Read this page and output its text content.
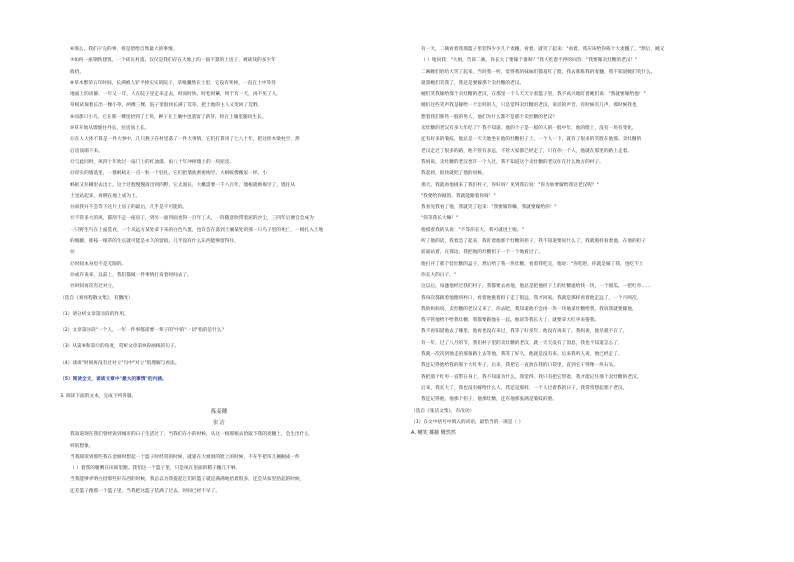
⑥那么，我们干完的事，将是留给自然最大的事情。

⑦如何一座钢铁建筑，一个砖瓦村落，仅仅是我们存在大地上的一间不算的土房子，被砍伐的多少年

收拾。

⑧草木繁荣五年时间，长满被人铲平掉实实的院子。草根骤然在土里，它没有死掉，一直在土中等待

地面上的动静。一年又一年，人在院子里走来走去，时而时快，时松时紧，终于有一天，再不见了人，

草根试探着长出一棵小草，两棵三棵，院子里很快长满了荒草，把土地的主人又变回了荒野。

⑨而那只小鸟，它在那一棵里拾到了土块，种子在土壤中也遗留了新芽，将在土壤里随风生长。

⑩草开始从墙缝往外长，往房顶上长。

⑪在人大体不算是一件大事中，几只燕子在村里落了一件大事情。它们打算用了七八十年，把这样木梁柱空，然

后房顶塌下来。

⑫与此同时，风四十年吹过一扇门上的红油漆，雨八十年冲掉墙上的一块泥皮。

⑬厚实的墙基里，一群蚂蚁正一点一粒一个驻扎，它们把墙底密密掏空，大蚂蚁像搬家一样，小

蚂蚁又住蛾里去出土。这个过程慢慢溢出到四野，它太漫长，大概需要一千八百年，墙根就被掏空了，墙往从

土里站起来，再倒在地上成为土。

⑭而我并不会等下这片土房子的最后，几乎是不可能的。

⑮不管多大的风，都刮不走一座房子，到另一面凹面也得一百年工夫，一阵随意吹带着泥的沙尘，三四年后便自会成为

一只野生鸟在上面觅食，一个从远方某处拿下来的白色鸟蛋，也许会在落到土壤某处的那一只鸟子里的死亡，一根扎入土地

的细藤，那枝一根草的生长就可能是永久的留痕。几乎没有什么东西能够留得住。

⑯

⑰时间本身也不是无限的。

⑱或许说来，以前上，我们都做一件事情打发着时间去了。

⑲时间再次有过对立。

（选自《刘亮程散文集》，有删改）

（1）请分析文章第⑬段的作用。

（2）文章第⑭段"一个人，一年一件事都需要一辈子的"中的"一切"指的是什么？

（3）从第⑧和第⑫的角度，赏析文章第⑩段画线的句子。

（4）谈谈"时间再没有过对立"句中"对立"的理解与看法。

（5）阅读全文，谈谈文章中"最大的事情"的内涵。

3. 阅读下面的文本，完成下列各题。

拣麦穗

张 洁

我知道现在我们曾经说到城市的日子生活过了，当我们在小的时候，从这一根那根去拾取下我的麦穗上，会生出什么

样的想象。

当我阅读到那些我在金刚时想起一个篮子时经常的时候，就靠在大姐姐的脸上的时候，不在乎把草儿捆捆成一件

（ ）着我的胳膊在田间里跑。我怕这一个篮子里，只是风在里面的稻子穗儿不够。

当我能够弄明白拾那些好东西的时候，我总以为我提起它们的篮子就是满满地拾着很多，还会从家里拾起的时候，

还差篮子跑那一个篮子里，当我把这篮子装满了过去，时间已经不早了。

有一天，二姨看着我那篮子里装得少少几个麦穗，看着，就笑了起来："看着，我应该给你拣个大麦穗了。"然后，她又

（ ）地问我："大姐，告诉二姨，你长大了要嫁个谁呀？"我大吃着不停的回答："我要嫁卖灶糖的老汉！"

二姨她们哈哈大笑了起来，当时我一听，觉得我的妹妹们都羞红了脸，我去那拣我的麦穗，我不知道她们笑什么。

就算她们笑我了，我还是要嫁那个卖灶糖的老汉。

她们笑我嫁给那个卖灶糖的老汉，在那里一个人天天守着篮子里，我不高兴地盯着她们说："我就要嫁给他！"

她们这些笑声我是嫁给一个怎样的人，只是觉得卖灶糖的老汉，说话的声音，有时候有几声，那时候我也

想着我们那些一般的男人，他们为什么都不是那个卖灶糖的老汉？

卖灶糖的老汉有多大年纪了？我不知道。他的个子是一般的人的一般中年，他的脸上，没有一块有变化，

还有好多的皱纹，他总是一天天地坐在他的灶糖担子上，一个人一下，就有了很多的笑脸在他那。卖灶糖的

老汉走过了很多的路，他不管有多远，不管大家都已经走了，只有你一个人，他就在那里的路上走着。

我妈说，卖灶糖的老汉也许一个人过，我不知道这个卖灶糖的老汉住在什么地方的村子。

我起初，很快就把了他的问候。

那天，我就看他挑来了我们村子，你好吗？见到我后说："你为啥要嫁给我这老汉呢？"

"我要给你做饭，我就能跟着你呀！"

我看见我看了他，我就笑了起来："我要嫁你嘛，我就要嫁给你！"

"你等我长大嘛！"

他摸着我的头说："不等你长大，我可就进土啦。"

听了他的话，我着急了起来，我盯着他那个灶糖的担子，我不知道要说什么了，我就那样看着他，在他的担子

前面站着，在那边，我把他的灶糖担子一个一个地看过了。

他打开了那个装灶糖的盒子，然后给了我一块灶糖，看着我吃完，他说："你吃吧，你就是嫁了我，也吃不上

你长大的日子。"

这以后，每逢他经过我们村子，我都要去看他，他总是把他担子上的灶糖递给我一块，一个甜瓜，一把红枣……

我每次都跟着他跑到村口，看着他挑着担子走了很远，我才回家。我就是那样看着他走远了，一个月两次，

我的妈妈说，卖灶糖的老汉又来了，你去吧，我知道他不会再一块一块地拿灶糖给我，我说我就要嫁他，

我不管他给不给我灶糖，我都要跟他在一起。他说等我长大了，就要拿大红枣来娶我。

我不再知道他去了哪里，他再也没有来过，我等了好多年，他没有再来了，我妈说，他早就不在了。

有一年，过了八月的节，我们村子里的卖灶糖的老汉，就一天天没有了消息，我也不知道怎么了，

我就一次次到他走的那条路上去等他，我等了好久，他就是没有来。后来我听人说，他已经走了。

我还记得他给我的那个大红枣子，后来，我把它一直放在我的口袋里，直到它干得像一块石头。

我把那个红枣一直带在身上，我不知道为什么，我觉得，我只有把它带着，我才能记住那个卖灶糖的老汉。

后来，我长大了，我也没有嫁给什么人，我还是那样，一个人过着我的日子，我常常想起那个老汉。

我还记得他，他那个担子，他那灶糖，还有他那张满是皱纹的脸。

（选自《张洁文集》，有改动）

（1）在文中括号中填入的词语，最恰当的一项是（ ）

A. 嘲笑 揶揄 慨然然
